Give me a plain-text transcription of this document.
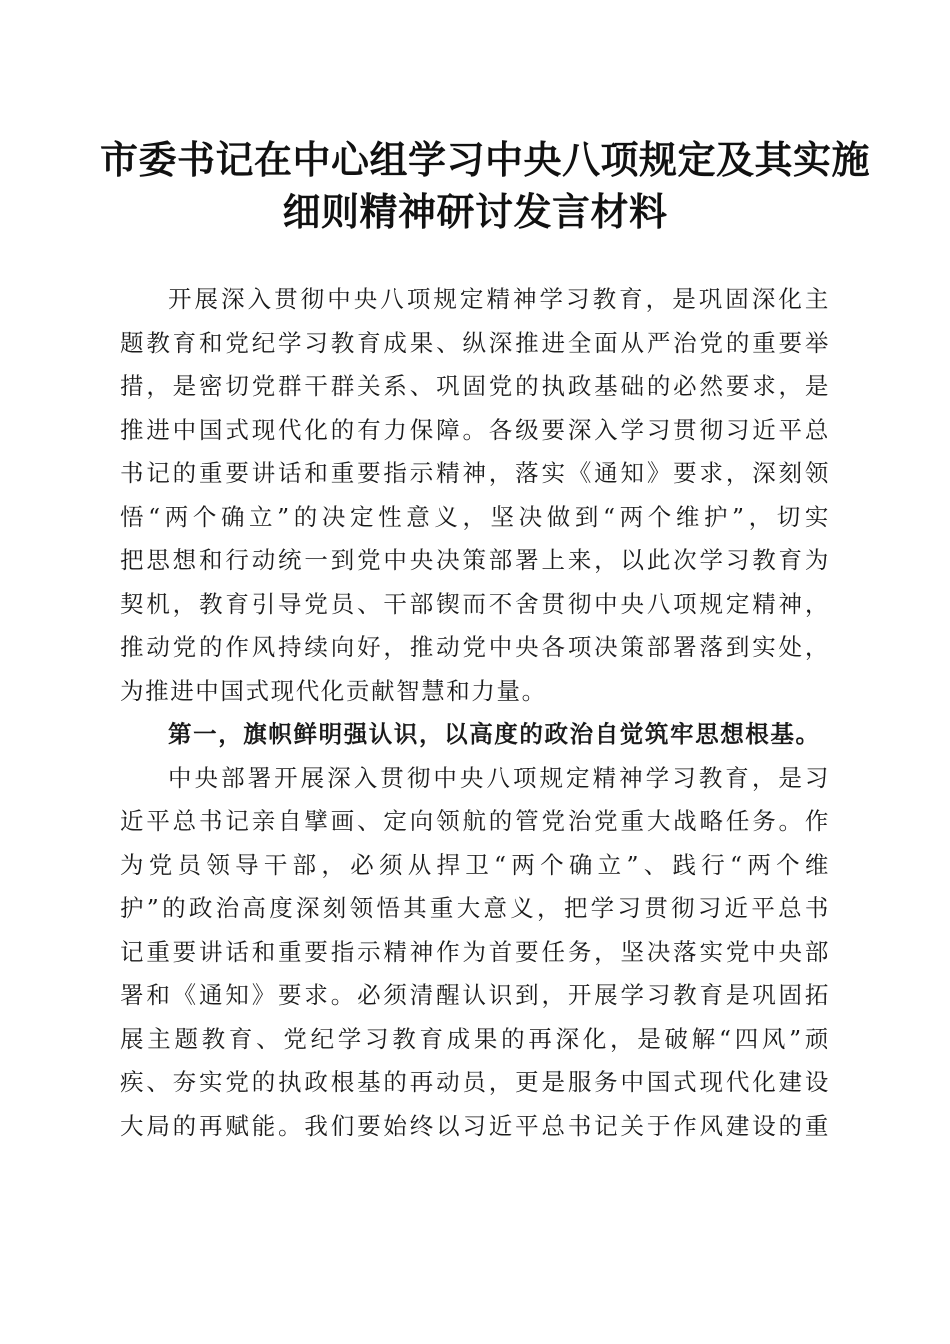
市委书记在中心组学习中央八项规定及其实施
细则精神研讨发言材料
开展深入贯彻中央八项规定精神学习教育，是巩固深化主
题教育和党纪学习教育成果、纵深推进全面从严治党的重要举
措，是密切党群干群关系、巩固党的执政基础的必然要求，是
推进中国式现代化的有力保障。各级要深入学习贯彻习近平总
书记的重要讲话和重要指示精神，落实《通知》要求，深刻领
悟“两个确立”的决定性意义，坚决做到“两个维护”，切实
把思想和行动统一到党中央决策部署上来，以此次学习教育为
契机，教育引导党员、干部锲而不舍贯彻中央八项规定精神，
推动党的作风持续向好，推动党中央各项决策部署落到实处，
为推进中国式现代化贡献智慧和力量。
第一，旗帜鲜明强认识，以高度的政治自觉筑牢思想根基。
中央部署开展深入贯彻中央八项规定精神学习教育，是习
近平总书记亲自擘画、定向领航的管党治党重大战略任务。作
为党员领导干部，必须从捍卫“两个确立”、践行“两个维
护”的政治高度深刻领悟其重大意义，把学习贯彻习近平总书
记重要讲话和重要指示精神作为首要任务，坚决落实党中央部
署和《通知》要求。必须清醒认识到，开展学习教育是巩固拓
展主题教育、党纪学习教育成果的再深化，是破解“四风”顽
疾、夯实党的执政根基的再动员，更是服务中国式现代化建设
大局的再赋能。我们要始终以习近平总书记关于作风建设的重
